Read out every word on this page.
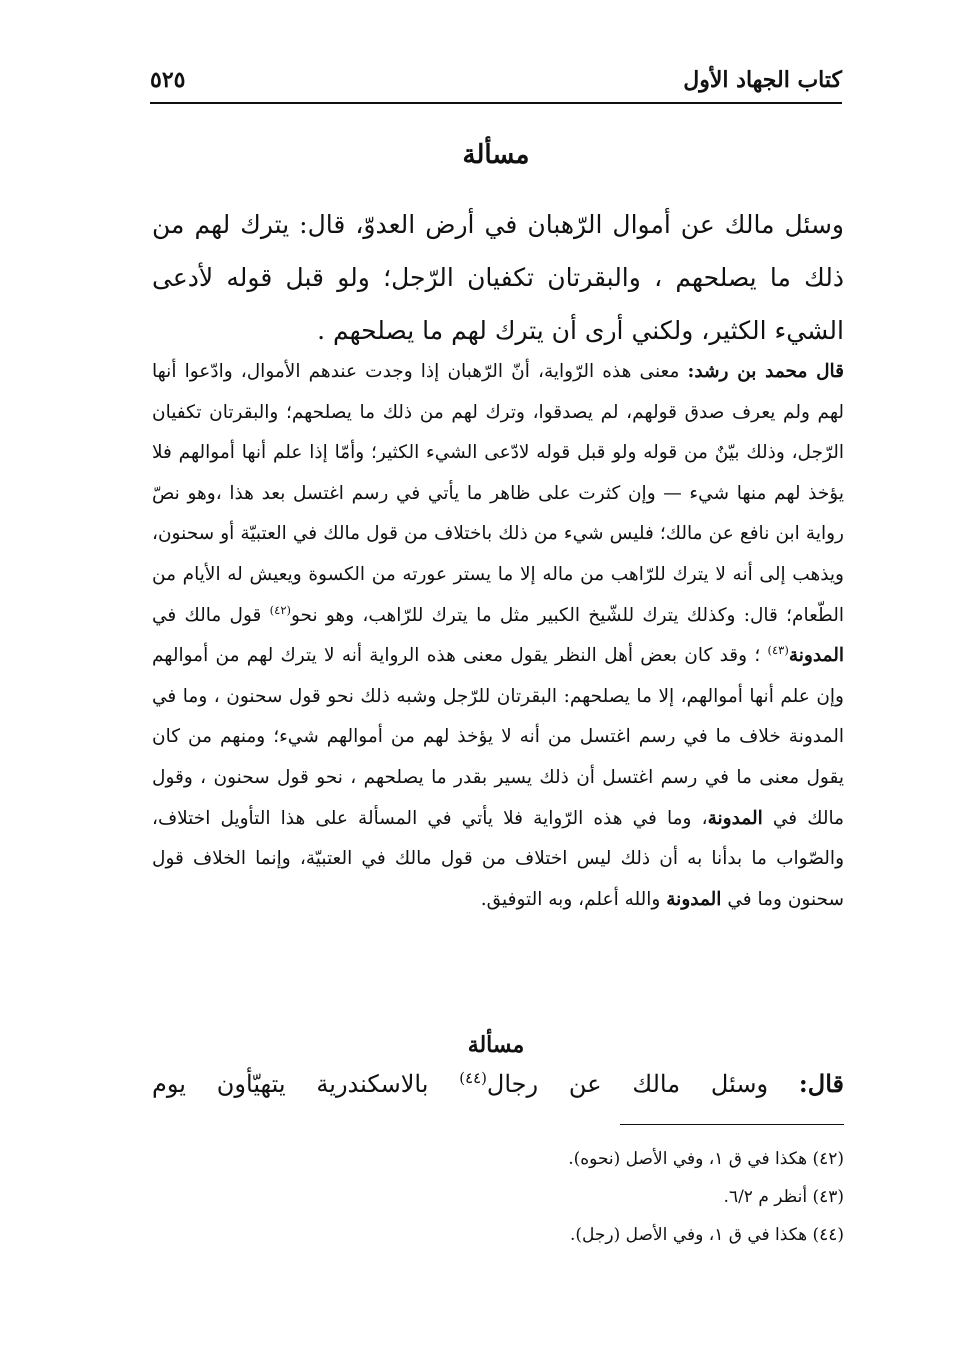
كتاب الجهاد الأول
٥٢٥
مسألة

وسئل مالك عن أموال الرّهبان في أرض العدوّ، قال: يترك لهم من ذلك ما يصلحهم ، والبقرتان تكفيان الرّجل؛ ولو قبل قوله لأدعى الشيء الكثير، ولكني أرى أن يترك لهم ما يصلحهم .

قال محمد بن رشد: معنى هذه الرّواية، أنّ الرّهبان إذا وجدت عندهم الأموال، وادّعوا أنها لهم ولم يعرف صدق قولهم، لم يصدقوا، وترك لهم من ذلك ما يصلحهم؛ والبقرتان تكفيان الرّجل، وذلك بيّنٌ من قوله ولو قبل قوله لادّعى الشيء الكثير؛ وأمّا إذا علم أنها أموالهم فلا يؤخذ لهم منها شيء — وإن كثرت على ظاهر ما يأتي في رسم اغتسل بعد هذا ،وهو نصّ رواية ابن نافع عن مالك؛ فليس شيء من ذلك باختلاف من قول مالك في العتبيّة أو سحنون، ويذهب إلى أنه لا يترك للرّاهب من ماله إلا ما يستر عورته من الكسوة ويعيش له الأيام من الطّعام؛ قال: وكذلك يترك للشّيخ الكبير مثل ما يترك للرّاهب، وهو نحو$^{(٤٢)}$ قول مالك في المدونة$^{(٤٣)}$ ؛ وقد كان بعض أهل النظر يقول معنى هذه الرواية أنه لا يترك لهم من أموالهم وإن علم أنها أموالهم، إلا ما يصلحهم: البقرتان للرّجل وشبه ذلك نحو قول سحنون ، وما في المدونة خلاف ما في رسم اغتسل من أنه لا يؤخذ لهم من أموالهم شيء؛ ومنهم من كان يقول معنى ما في رسم اغتسل أن ذلك يسير بقدر ما يصلحهم ، نحو قول سحنون ، وقول مالك في المدونة، وما في هذه الرّواية فلا يأتي في المسألة على هذا التأويل اختلاف، والصّواب ما بدأنا به أن ذلك ليس اختلاف من قول مالك في العتبيّة، وإنما الخلاف قول سحنون وما في المدونة والله أعلم، وبه التوفيق.

مسألة

قال: وسئل مالك عن رجال$^{(٤٤)}$ بالاسكندرية يتهيّأون يوم

(٤٢) هكذا في ق ١، وفي الأصل (نحوه).
(٤٣) أنظر م ٦/٢.
(٤٤) هكذا في ق ١، وفي الأصل (رجل).
